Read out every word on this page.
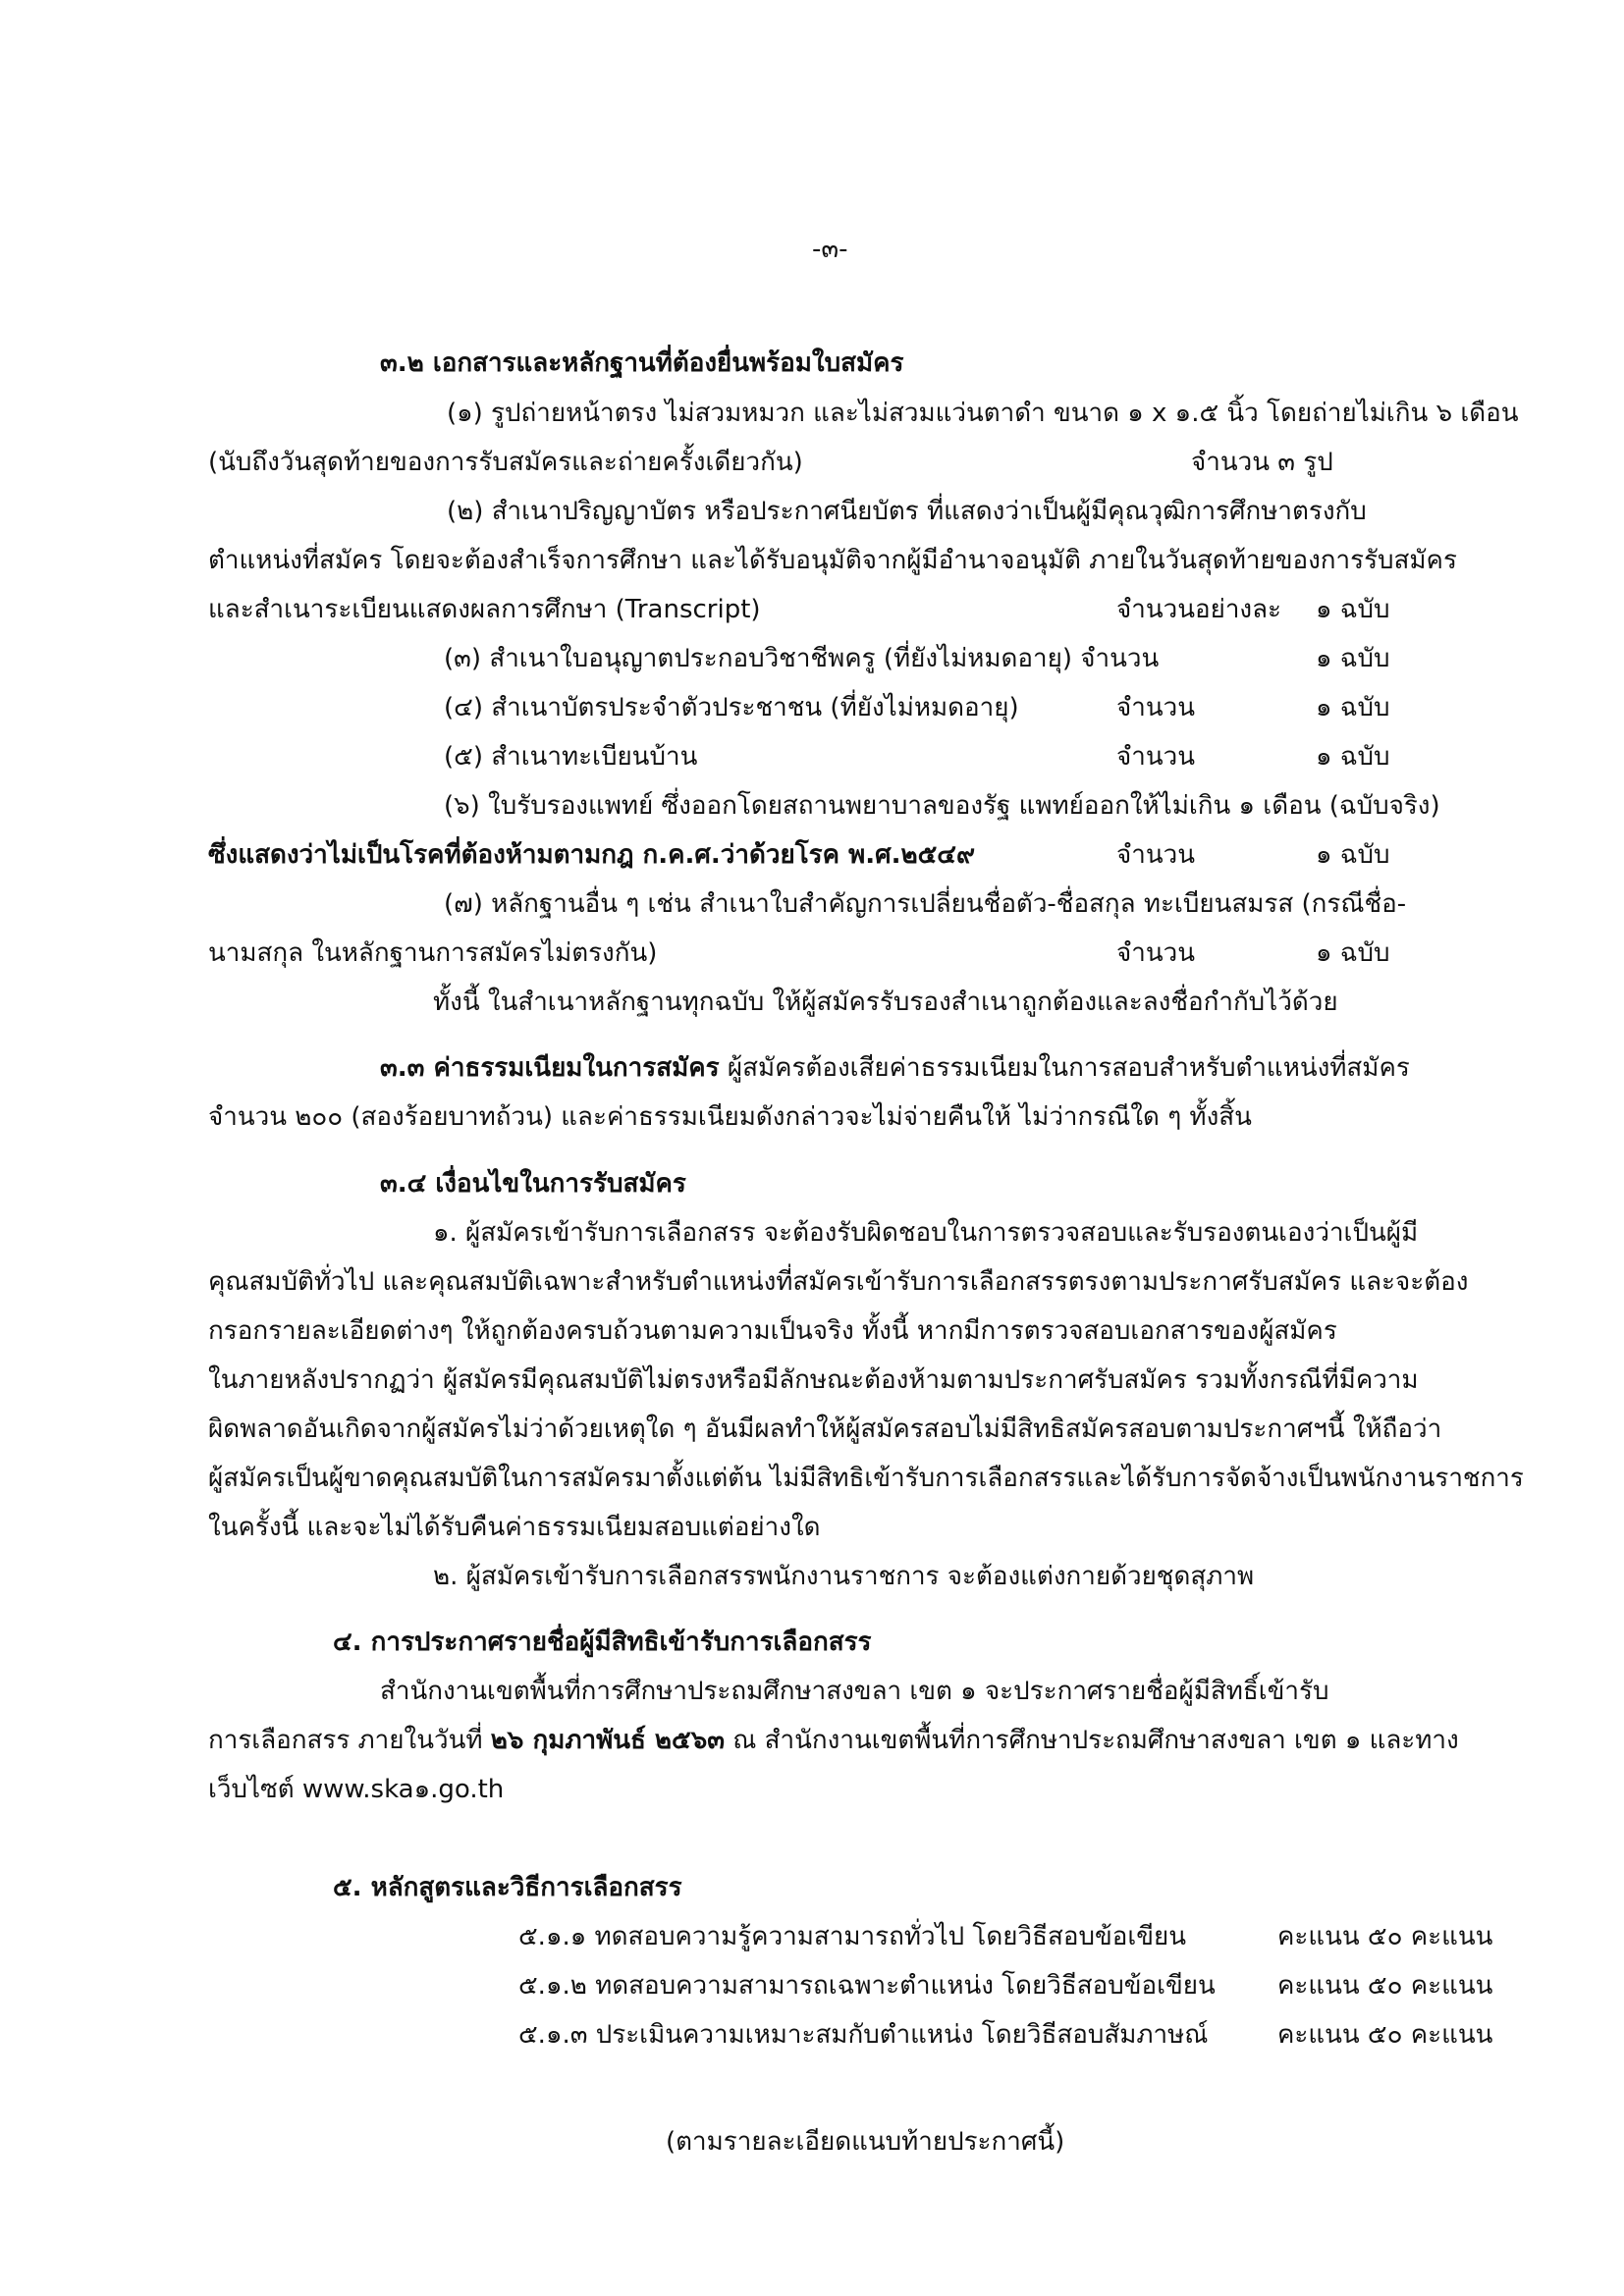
-๓-
๓.๒ เอกสารและหลักฐานที่ต้องยื่นพร้อมใบสมัคร
(๑) รูปถ่ายหน้าตรง ไม่สวมหมวก และไม่สวมแว่นตาดำ ขนาด ๑ x ๑.๕ นิ้ว โดยถ่ายไม่เกิน ๖ เดือน
(นับถึงวันสุดท้ายของการรับสมัครและถ่ายครั้งเดียวกัน)	จำนวน ๓ รูป
(๒) สำเนาปริญญาบัตร หรือประกาศนียบัตร ที่แสดงว่าเป็นผู้มีคุณวุฒิการศึกษาตรงกับ
ตำแหน่งที่สมัคร โดยจะต้องสำเร็จการศึกษา และได้รับอนุมัติจากผู้มีอำนาจอนุมัติ ภายในวันสุดท้ายของการรับสมัคร
และสำเนาระเบียนแสดงผลการศึกษา (Transcript)	จำนวนอย่างละ ๑ ฉบับ
(๓) สำเนาใบอนุญาตประกอบวิชาชีพครู (ที่ยังไม่หมดอายุ) จำนวน	๑ ฉบับ
(๔) สำเนาบัตรประจำตัวประชาชน (ที่ยังไม่หมดอายุ)	จำนวน	๑ ฉบับ
(๕) สำเนาทะเบียนบ้าน	จำนวน	๑ ฉบับ
(๖) ใบรับรองแพทย์ ซึ่งออกโดยสถานพยาบาลของรัฐ แพทย์ออกให้ไม่เกิน ๑ เดือน (ฉบับจริง)
ซึ่งแสดงว่าไม่เป็นโรคที่ต้องห้ามตามกฎ ก.ค.ศ.ว่าด้วยโรค พ.ศ.๒๕๔๙	จำนวน	๑ ฉบับ
(๗) หลักฐานอื่น ๆ เช่น สำเนาใบสำคัญการเปลี่ยนชื่อตัว-ชื่อสกุล ทะเบียนสมรส (กรณีชื่อ-
นามสกุล ในหลักฐานการสมัครไม่ตรงกัน)	จำนวน	๑ ฉบับ
ทั้งนี้ ในสำเนาหลักฐานทุกฉบับ ให้ผู้สมัครรับรองสำเนาถูกต้องและลงชื่อกำกับไว้ด้วย
๓.๓ ค่าธรรมเนียมในการสมัคร ผู้สมัครต้องเสียค่าธรรมเนียมในการสอบสำหรับตำแหน่งที่สมัคร
จำนวน ๒๐๐ (สองร้อยบาทถ้วน) และค่าธรรมเนียมดังกล่าวจะไม่จ่ายคืนให้ ไม่ว่ากรณีใด ๆ ทั้งสิ้น
๓.๔ เงื่อนไขในการรับสมัคร
๑. ผู้สมัครเข้ารับการเลือกสรร จะต้องรับผิดชอบในการตรวจสอบและรับรองตนเองว่าเป็นผู้มี
คุณสมบัติทั่วไป และคุณสมบัติเฉพาะสำหรับตำแหน่งที่สมัครเข้ารับการเลือกสรรตรงตามประกาศรับสมัคร และจะต้อง
กรอกรายละเอียดต่างๆ ให้ถูกต้องครบถ้วนตามความเป็นจริง ทั้งนี้ หากมีการตรวจสอบเอกสารของผู้สมัคร
ในภายหลังปรากฏว่า ผู้สมัครมีคุณสมบัติไม่ตรงหรือมีลักษณะต้องห้ามตามประกาศรับสมัคร รวมทั้งกรณีที่มีความ
ผิดพลาดอันเกิดจากผู้สมัครไม่ว่าด้วยเหตุใด ๆ อันมีผลทำให้ผู้สมัครสอบไม่มีสิทธิสมัครสอบตามประกาศฯนี้ ให้ถือว่า
ผู้สมัครเป็นผู้ขาดคุณสมบัติในการสมัครมาตั้งแต่ต้น ไม่มีสิทธิเข้ารับการเลือกสรรและได้รับการจัดจ้างเป็นพนักงานราชการ
ในครั้งนี้ และจะไม่ได้รับคืนค่าธรรมเนียมสอบแต่อย่างใด
๒. ผู้สมัครเข้ารับการเลือกสรรพนักงานราชการ จะต้องแต่งกายด้วยชุดสุภาพ
๔. การประกาศรายชื่อผู้มีสิทธิเข้ารับการเลือกสรร
สำนักงานเขตพื้นที่การศึกษาประถมศึกษาสงขลา เขต ๑ จะประกาศรายชื่อผู้มีสิทธิ์เข้ารับ
การเลือกสรร ภายในวันที่ ๒๖ กุมภาพันธ์ ๒๕๖๓ ณ สำนักงานเขตพื้นที่การศึกษาประถมศึกษาสงขลา เขต ๑ และทาง
เว็บไซต์ www.ska๑.go.th
๕. หลักสูตรและวิธีการเลือกสรร
๕.๑.๑ ทดสอบความรู้ความสามารถทั่วไป โดยวิธีสอบข้อเขียน	คะแนน ๕๐ คะแนน
๕.๑.๒ ทดสอบความสามารถเฉพาะตำแหน่ง โดยวิธีสอบข้อเขียน คะแนน ๕๐ คะแนน
๕.๑.๓ ประเมินความเหมาะสมกับตำแหน่ง โดยวิธีสอบสัมภาษณ์	คะแนน ๕๐ คะแนน
(ตามรายละเอียดแนบท้ายประกาศนี้)
